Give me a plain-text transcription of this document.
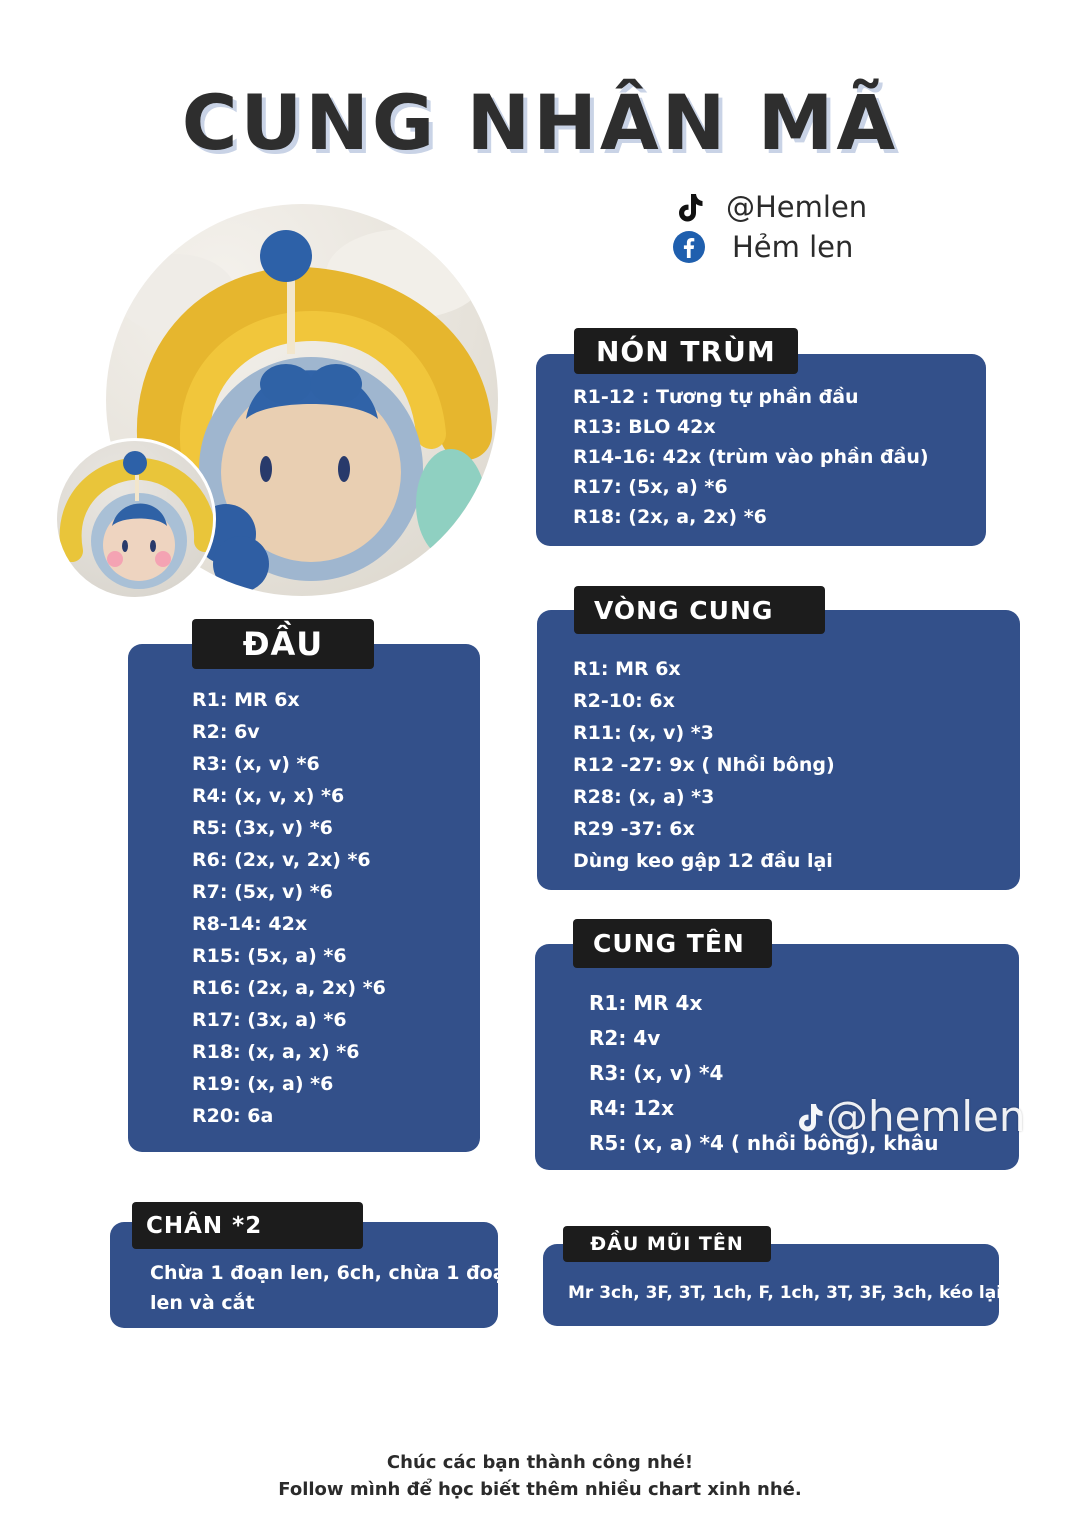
CUNG NHÂN MÃ
@Hemlen
Hẻm len
R1-12 : Tương tự phần đầu
R13: BLO 42x
R14-16: 42x (trùm vào phần đầu)
R17: (5x, a) *6
R18: (2x, a, 2x) *6
NÓN TRÙM
R1: MR 6x
R2: 6v
R3: (x, v) *6
R4: (x, v, x) *6
R5: (3x, v) *6
R6: (2x, v, 2x) *6
R7: (5x, v) *6
R8-14: 42x
R15: (5x, a) *6
R16: (2x, a, 2x) *6
R17: (3x, a) *6
R18: (x, a, x) *6
R19: (x, a) *6
R20: 6a
ĐẦU
R1: MR 6x
R2-10: 6x
R11: (x, v) *3
R12 -27: 9x ( Nhồi bông)
R28: (x, a) *3
R29 -37: 6x
Dùng keo gập 12 đầu lại
VÒNG CUNG
R1: MR 4x
R2: 4v
R3: (x, v) *4
R4: 12x
R5: (x, a) *4 ( nhồi bông), khâu
CUNG TÊN
@hemlen
Chừa 1 đoạn len, 6ch, chừa 1 đoạn
len và cắt
CHÂN *2
Mr 3ch, 3F, 3T, 1ch, F, 1ch, 3T, 3F, 3ch, kéo lại
ĐẦU MŨI TÊN
Chúc các bạn thành công nhé!
Follow mình để học biết thêm nhiều chart xinh nhé.
